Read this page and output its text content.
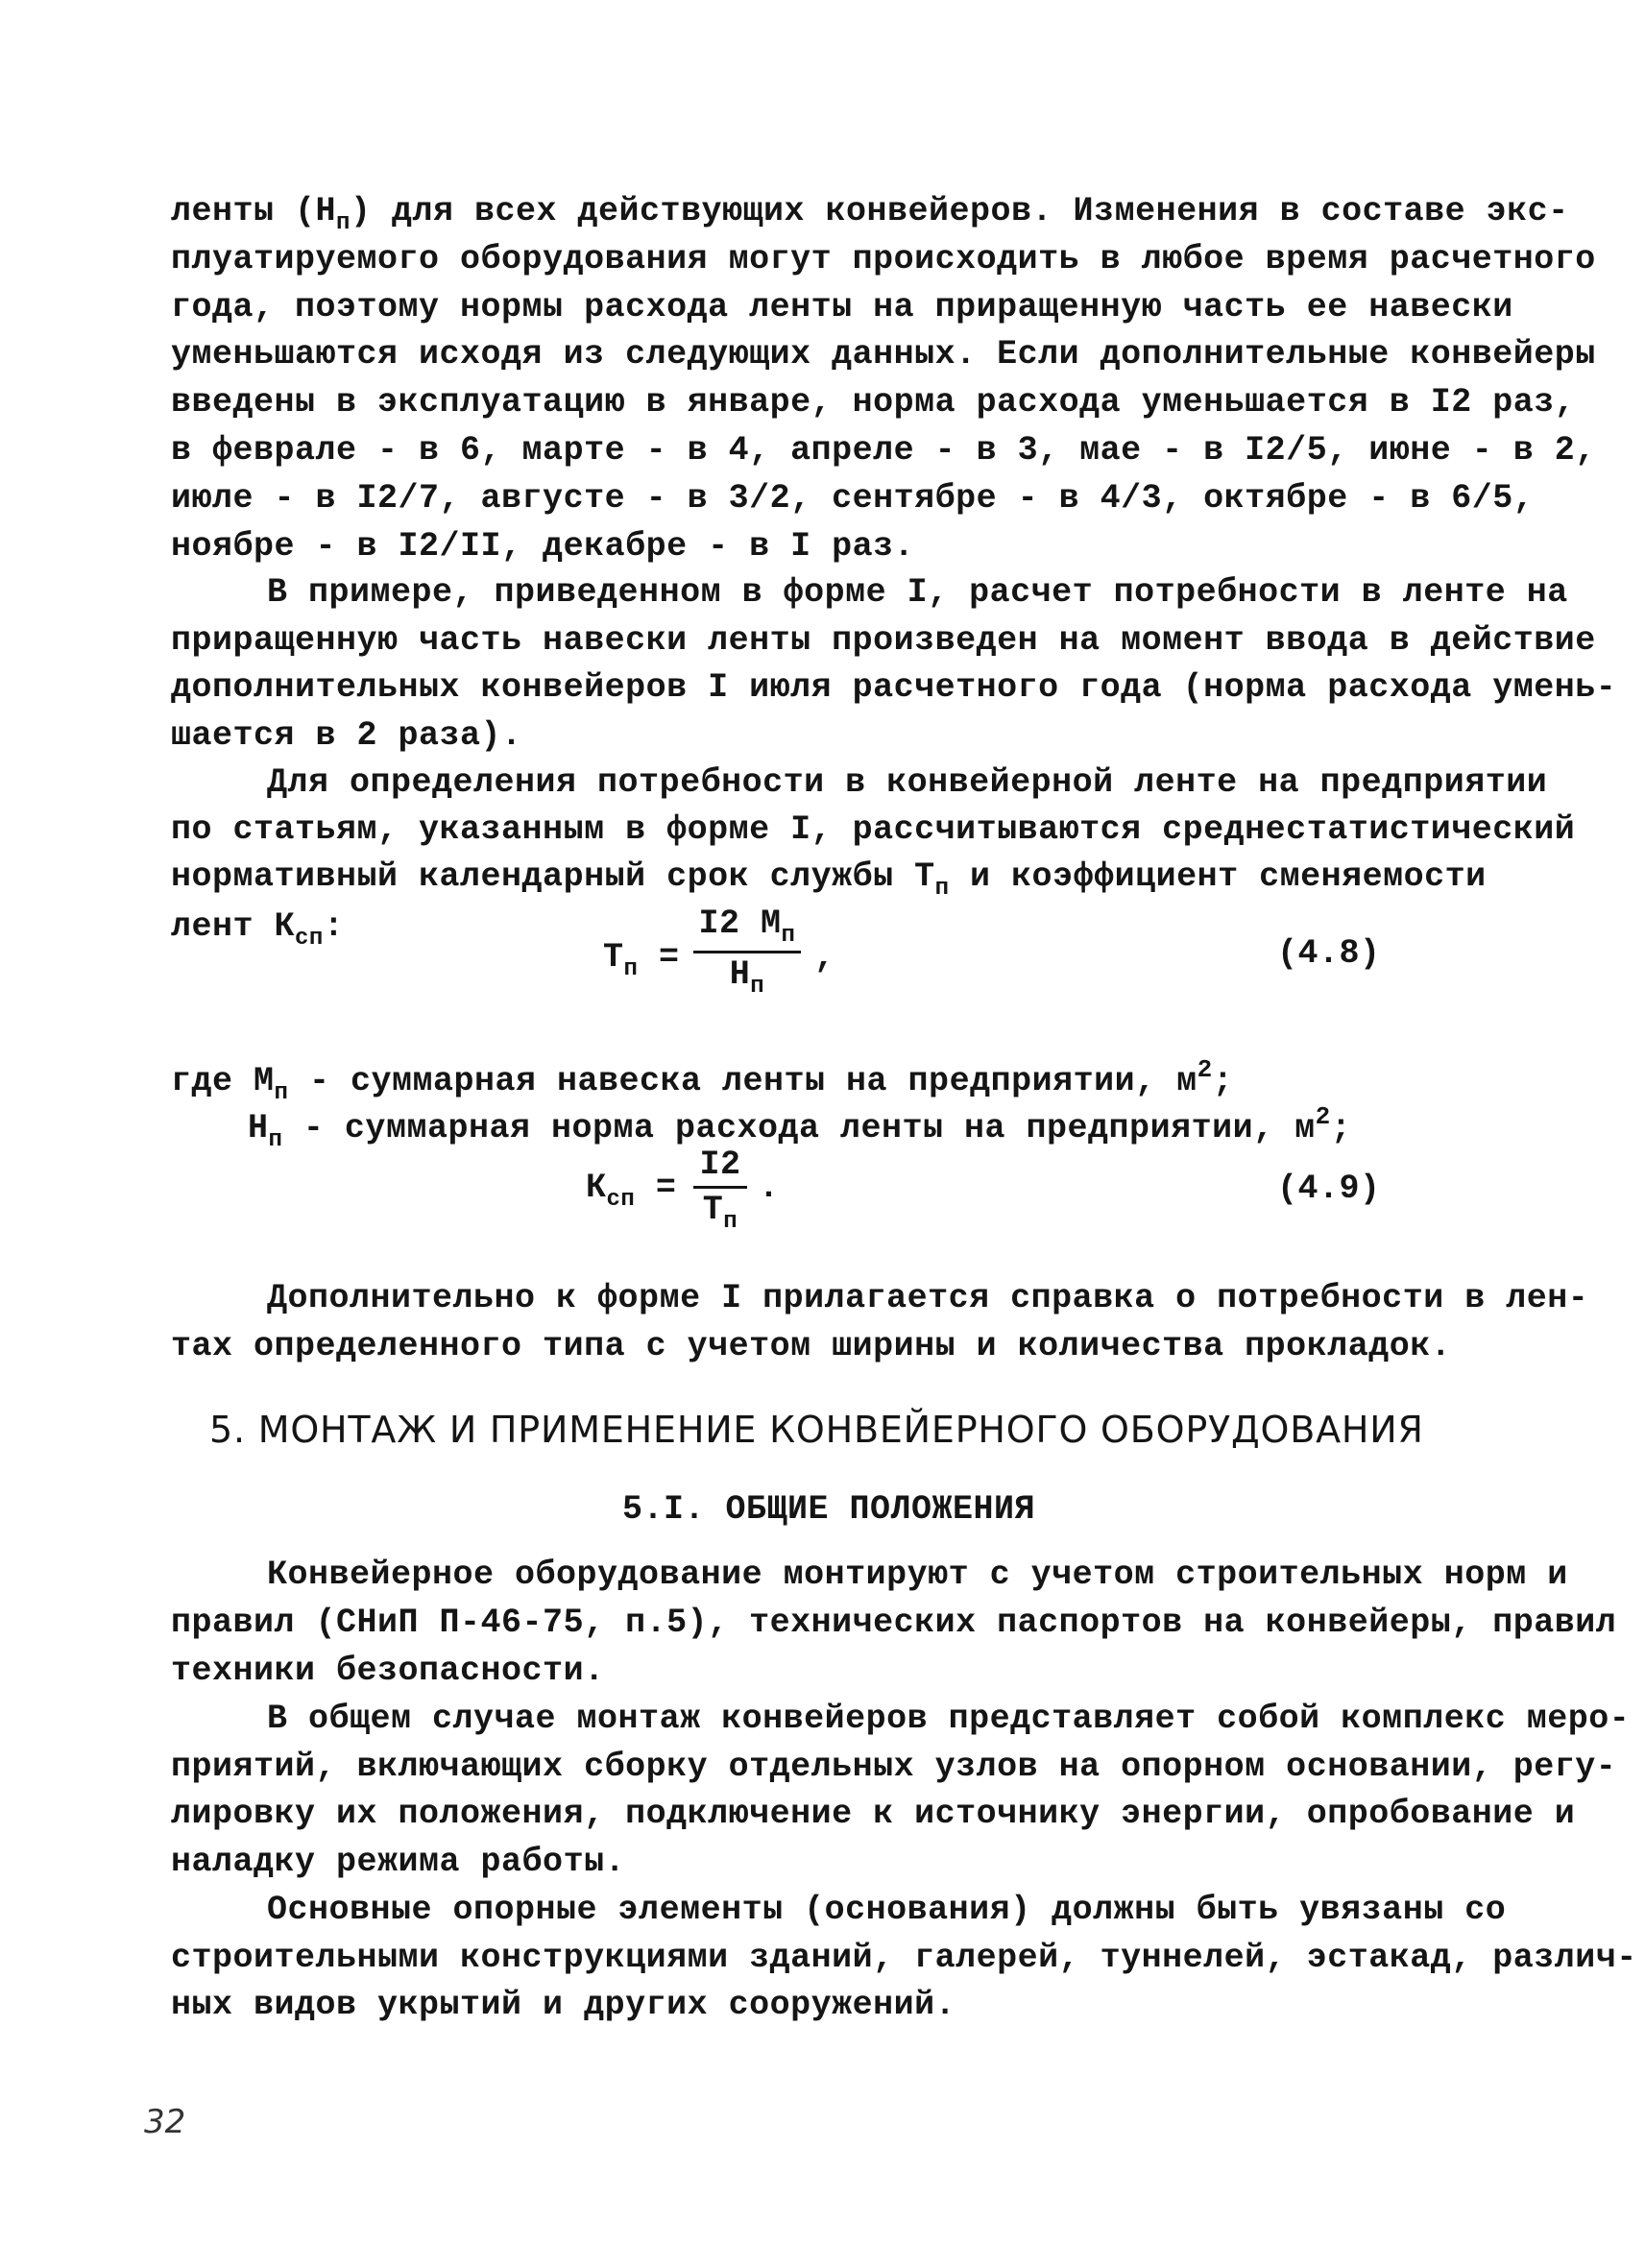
ленты $(Н_п)$ для всех действующих конвейеров. Изменения в составе экс-
плуатируемого оборудования могут происходить в любое время расчетного
года, поэтому нормы расхода ленты на приращенную часть ее навески
уменьшаются исходя из следующих данных. Если дополнительные конвейеры
введены в эксплуатацию в январе, норма расхода уменьшается в I2 раз,
в феврале - в 6, марте - в 4, апреле - в 3, мае - в I2/5, июне - в 2,
июле - в I2/7, августе - в 3/2, сентябре - в 4/3, октябре - в 6/5,
ноябре - в I2/II, декабре - в I раз.
В примере, приведенном в форме I, расчет потребности в ленте на
приращенную часть навески ленты произведен на момент ввода в действие
дополнительных конвейеров I июля расчетного года (норма расхода умень-
шается в 2 раза).
Для определения потребности в конвейерной ленте на предприятии
по статьям, указанным в форме I, рассчитываются среднестатистический
нормативный календарный срок службы $Т_п$ и коэффициент сменяемости
лент $К_{сп}$:
$Т_п$ =
I2 $М_п$
$Н_п$
,	(4.8)
где $М_п$ - суммарная навеска ленты на предприятии, $м^2$;
$Н_п$ - суммарная норма расхода ленты на предприятии, $м^2$;
$К_{сп}$ =
I2
$Т_п$
.	(4.9)
Дополнительно к форме I прилагается справка о потребности в лен-
тах определенного типа с учетом ширины и количества прокладок.
5. МОНТАЖ И ПРИМЕНЕНИЕ КОНВЕЙЕРНОГО ОБОРУДОВАНИЯ
5.I. ОБЩИЕ ПОЛОЖЕНИЯ
Конвейерное оборудование монтируют с учетом строительных норм и
правил (СНиП П-46-75, п.5), технических паспортов на конвейеры, правил
техники безопасности.
В общем случае монтаж конвейеров представляет собой комплекс меро-
приятий, включающих сборку отдельных узлов на опорном основании, регу-
лировку их положения, подключение к источнику энергии, опробование и
наладку режима работы.
Основные опорные элементы (основания) должны быть увязаны со
строительными конструкциями зданий, галерей, туннелей, эстакад, различ-
ных видов укрытий и других сооружений.
32
